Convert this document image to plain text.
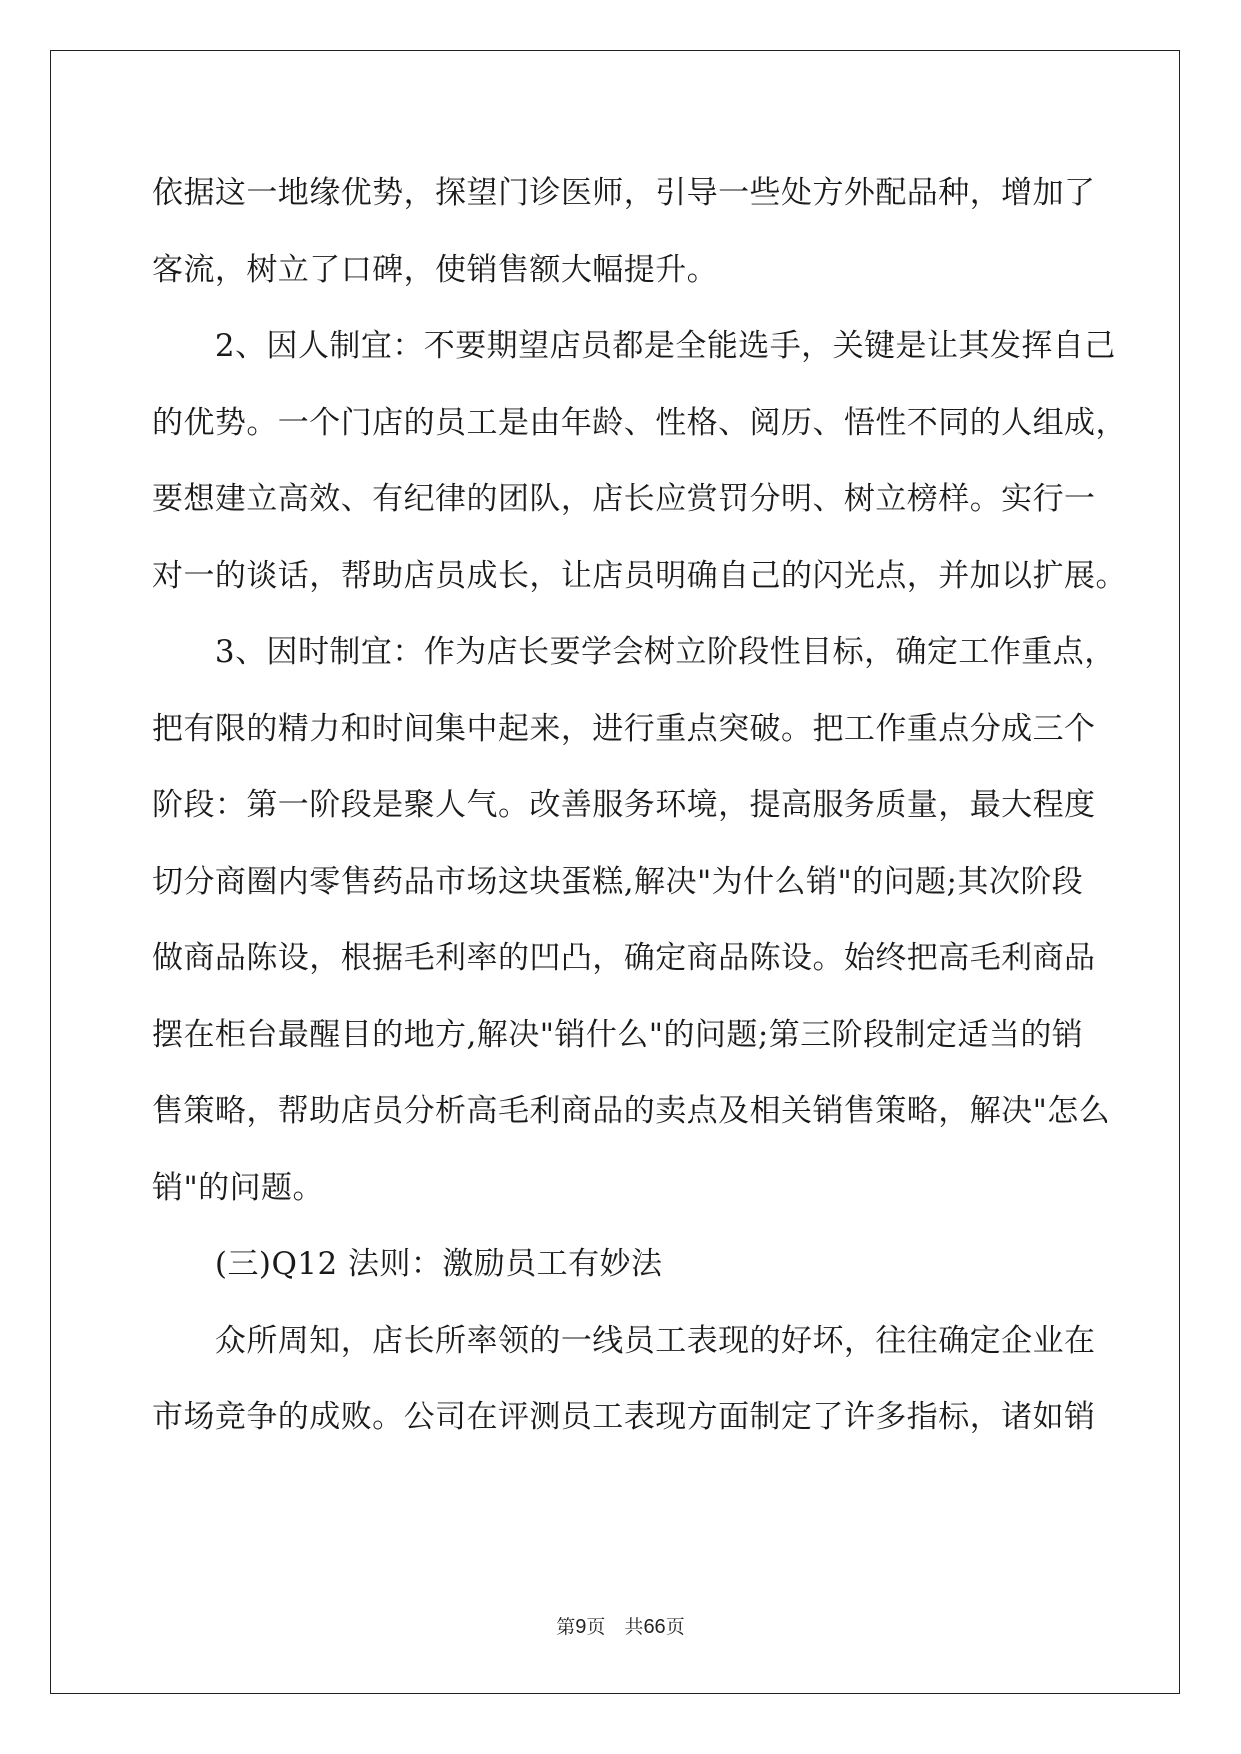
依据这一地缘优势，探望门诊医师，引导一些处方外配品种，增加了
客流，树立了口碑，使销售额大幅提升。
　　2、因人制宜：不要期望店员都是全能选手，关键是让其发挥自己
的优势。一个门店的员工是由年龄、性格、阅历、悟性不同的人组成，
要想建立高效、有纪律的团队，店长应赏罚分明、树立榜样。实行一
对一的谈话，帮助店员成长，让店员明确自己的闪光点，并加以扩展。
　　3、因时制宜：作为店长要学会树立阶段性目标，确定工作重点，
把有限的精力和时间集中起来，进行重点突破。把工作重点分成三个
阶段：第一阶段是聚人气。改善服务环境，提高服务质量，最大程度
切分商圈内零售药品市场这块蛋糕,解决"为什么销"的问题;其次阶段
做商品陈设，根据毛利率的凹凸，确定商品陈设。始终把高毛利商品
摆在柜台最醒目的地方,解决"销什么"的问题;第三阶段制定适当的销
售策略，帮助店员分析高毛利商品的卖点及相关销售策略，解决"怎么
销"的问题。
　　(三)Q12 法则：激励员工有妙法
　　众所周知，店长所率领的一线员工表现的好坏，往往确定企业在
市场竞争的成败。公司在评测员工表现方面制定了许多指标，诸如销
第9页　共66页
